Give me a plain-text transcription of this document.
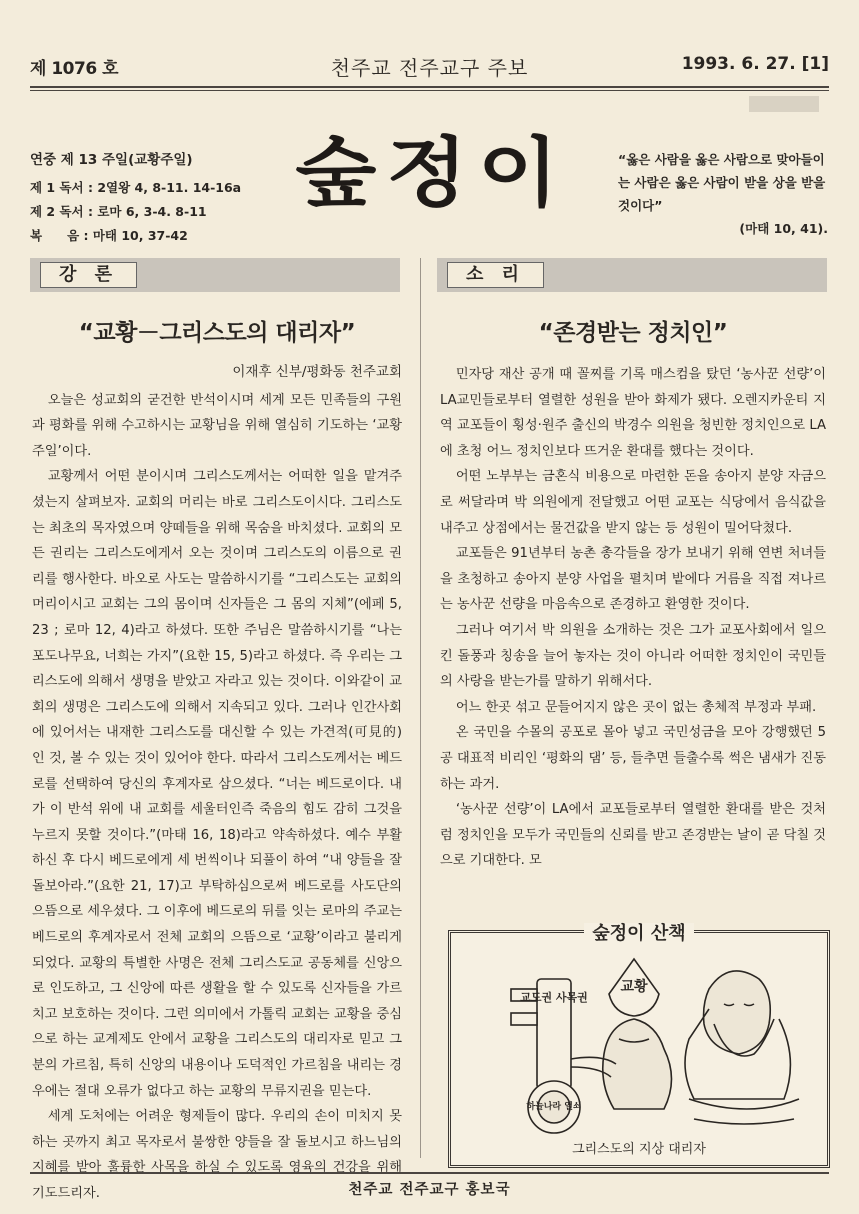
제 1076 호	천주교 전주교구 주보	1993. 6. 27. [1]
연중 제 13 주일(교황주일)
제 1 독서 : 2열왕 4, 8-11. 14-16a
제 2 독서 : 로마 6, 3-4. 8-11
복　　음 : 마태 10, 37-42
숲정이	“옳은 사람을 옳은 사람으로 맞아들이는 사람은 옳은 사람이 받을 상을 받을 것이다”
(마태 10, 41).
강 론	소 리
“교황－그리스도의 대리자”
이재후 신부/평화동 천주교회

오늘은 성교회의 굳건한 반석이시며 세계 모든 민족들의 구원과 평화를 위해 수고하시는 교황님을 위해 열심히 기도하는 ‘교황주일’이다.

교황께서 어떤 분이시며 그리스도께서는 어떠한 일을 맡겨주셨는지 살펴보자. 교회의 머리는 바로 그리스도이시다. 그리스도는 최초의 목자였으며 양떼들을 위해 목숨을 바치셨다. 교회의 모든 권리는 그리스도에게서 오는 것이며 그리스도의 이름으로 권리를 행사한다. 바오로 사도는 말씀하시기를 “그리스도는 교회의 머리이시고 교회는 그의 몸이며 신자들은 그 몸의 지체”(에페 5, 23 ; 로마 12, 4)라고 하셨다. 또한 주님은 말씀하시기를 “나는 포도나무요, 너희는 가지”(요한 15, 5)라고 하셨다. 즉 우리는 그리스도에 의해서 생명을 받았고 자라고 있는 것이다. 이와같이 교회의 생명은 그리스도에 의해서 지속되고 있다. 그러나 인간사회에 있어서는 내재한 그리스도를 대신할 수 있는 가견적(可見的)인 것, 볼 수 있는 것이 있어야 한다. 따라서 그리스도께서는 베드로를 선택하여 당신의 후계자로 삼으셨다. “너는 베드로이다. 내가 이 반석 위에 내 교회를 세울터인즉 죽음의 힘도 감히 그것을 누르지 못할 것이다.”(마태 16, 18)라고 약속하셨다. 예수 부활하신 후 다시 베드로에게 세 번씩이나 되풀이 하여 “내 양들을 잘 돌보아라.”(요한 21, 17)고 부탁하심으로써 베드로를 사도단의 으뜸으로 세우셨다. 그 이후에 베드로의 뒤를 잇는 로마의 주교는 베드로의 후계자로서 전체 교회의 으뜸으로 ‘교황’이라고 불리게 되었다. 교황의 특별한 사명은 전체 그리스도교 공동체를 신앙으로 인도하고, 그 신앙에 따른 생활을 할 수 있도록 신자들을 가르치고 보호하는 것이다. 그런 의미에서 가톨릭 교회는 교황을 중심으로 하는 교계제도 안에서 교황을 그리스도의 대리자로 믿고 그분의 가르침, 특히 신앙의 내용이나 도덕적인 가르침을 내리는 경우에는 절대 오류가 없다고 하는 교황의 무류지권을 믿는다.

세계 도처에는 어려운 형제들이 많다. 우리의 손이 미치지 못하는 곳까지 최고 목자로서 불쌍한 양들을 잘 돌보시고 하느님의 지혜를 받아 훌륭한 사목을 하실 수 있도록 영육의 건강을 위해 기도드리자.

“존경받는 정치인”

민자당 재산 공개 때 꼴찌를 기록 매스컴을 탔던 ‘농사꾼 선량’이 LA교민들로부터 열렬한 성원을 받아 화제가 됐다. 오렌지카운티 지역 교포들이 횡성·원주 출신의 박경수 의원을 청빈한 정치인으로 LA에 초청 어느 정치인보다 뜨거운 환대를 했다는 것이다.

어떤 노부부는 금혼식 비용으로 마련한 돈을 송아지 분양 자금으로 써달라며 박 의원에게 전달했고 어떤 교포는 식당에서 음식값을 내주고 상점에서는 물건값을 받지 않는 등 성원이 밀어닥쳤다.

교포들은 91년부터 농촌 총각들을 장가 보내기 위해 연변 처녀들을 초청하고 송아지 분양 사업을 펼치며 밭에다 거름을 직접 져나르는 농사꾼 선량을 마음속으로 존경하고 환영한 것이다.

그러나 여기서 박 의원을 소개하는 것은 그가 교포사회에서 일으킨 돌풍과 칭송을 늘어 놓자는 것이 아니라 어떠한 정치인이 국민들의 사랑을 받는가를 말하기 위해서다.

어느 한곳 섞고 문들어지지 않은 곳이 없는 총체적 부정과 부패.

온 국민을 수몰의 공포로 몰아 넣고 국민성금을 모아 강행했던 5공 대표적 비리인 ‘평화의 댐’ 등, 들추면 들출수록 썩은 냄새가 진동하는 과거.

‘농사꾼 선량’이 LA에서 교포들로부터 열렬한 환대를 받은 것처럼 정치인을 모두가 국민들의 신뢰를 받고 존경받는 날이 곧 닥칠 것으로 기대한다. 모

숲정이 산책
교황
교도권 사목권
하늘나라 열쇠
그리스도의 지상 대리자
천주교 전주교구 홍보국
